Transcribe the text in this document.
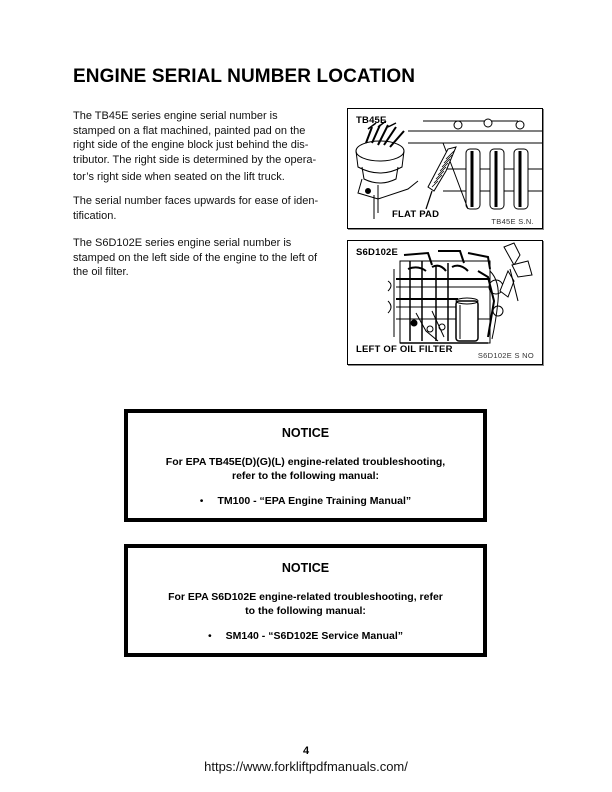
ENGINE SERIAL NUMBER LOCATION
The TB45E series engine serial number is
stamped on a flat machined, painted pad on the
right side of the engine block just behind the dis-
tributor. The right side is determined by the opera-
tor’s right side when seated on the lift truck.
The serial number faces upwards for ease of iden-
tification.
The S6D102E series engine serial number is
stamped on the left side of the engine to the left of
the oil filter.
TB45E
FLAT PAD
TB45E S.N.
S6D102E
LEFT OF OIL FILTER
S6D102E S NO
NOTICE
For EPA TB45E(D)(G)(L) engine-related troubleshooting,
refer to the following manual:
• TM100 - “EPA Engine Training Manual”
NOTICE
For EPA S6D102E engine-related troubleshooting, refer
to the following manual:
• SM140 - “S6D102E Service Manual”
4
https://www.forkliftpdfmanuals.com/
